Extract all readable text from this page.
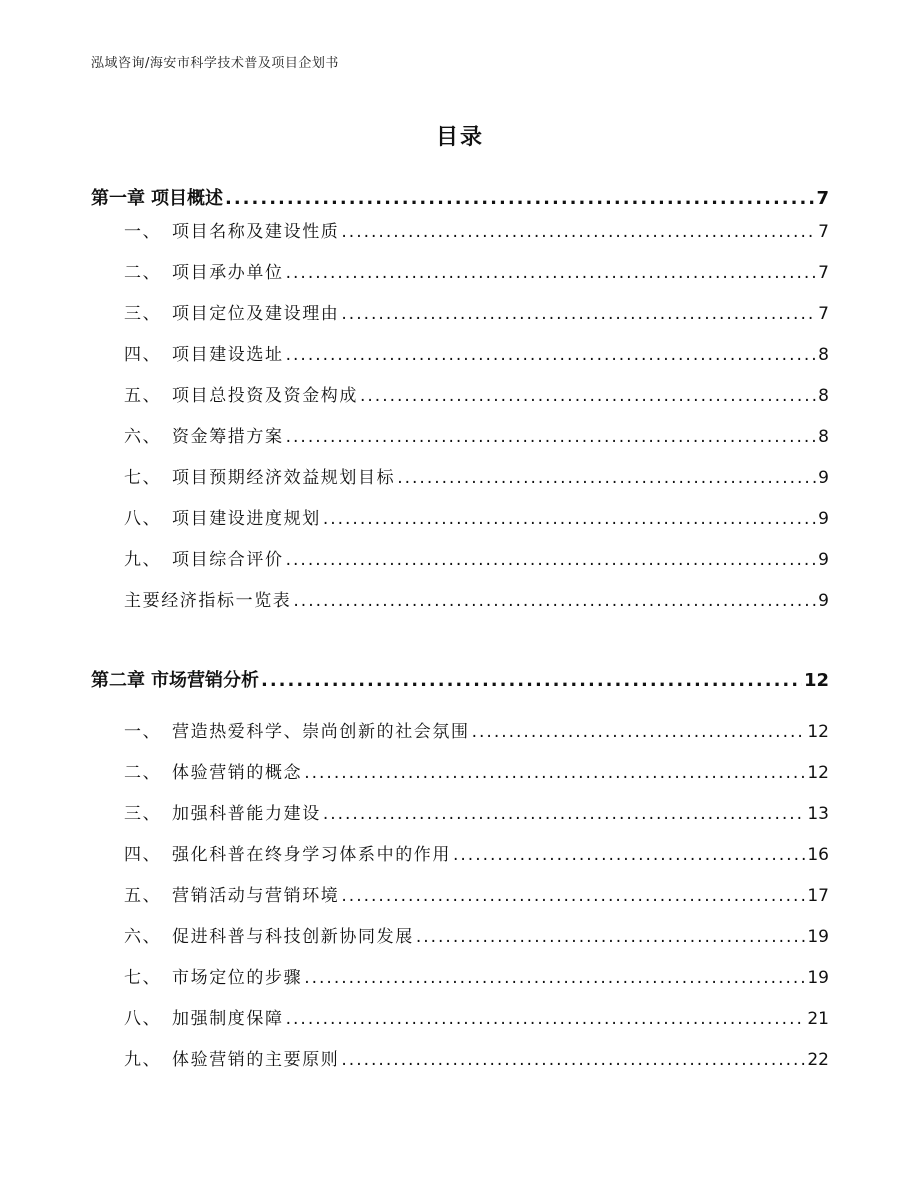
泓域咨询/海安市科学技术普及项目企划书
目录
第一章 项目概述 .....	7
一、 项目名称及建设性质 .....	7
二、 项目承办单位 .....	7
三、 项目定位及建设理由 .....	7
四、 项目建设选址 .....	8
五、 项目总投资及资金构成 .....	8
六、 资金筹措方案 .....	8
七、 项目预期经济效益规划目标 .....	9
八、 项目建设进度规划 .....	9
九、 项目综合评价 .....	9
主要经济指标一览表 .....	9
第二章 市场营销分析 .....	12
一、 营造热爱科学、崇尚创新的社会氛围 .....	12
二、 体验营销的概念 .....	12
三、 加强科普能力建设 .....	13
四、 强化科普在终身学习体系中的作用 .....	16
五、 营销活动与营销环境 .....	17
六、 促进科普与科技创新协同发展 .....	19
七、 市场定位的步骤 .....	19
八、 加强制度保障 .....	21
九、 体验营销的主要原则 .....	22
